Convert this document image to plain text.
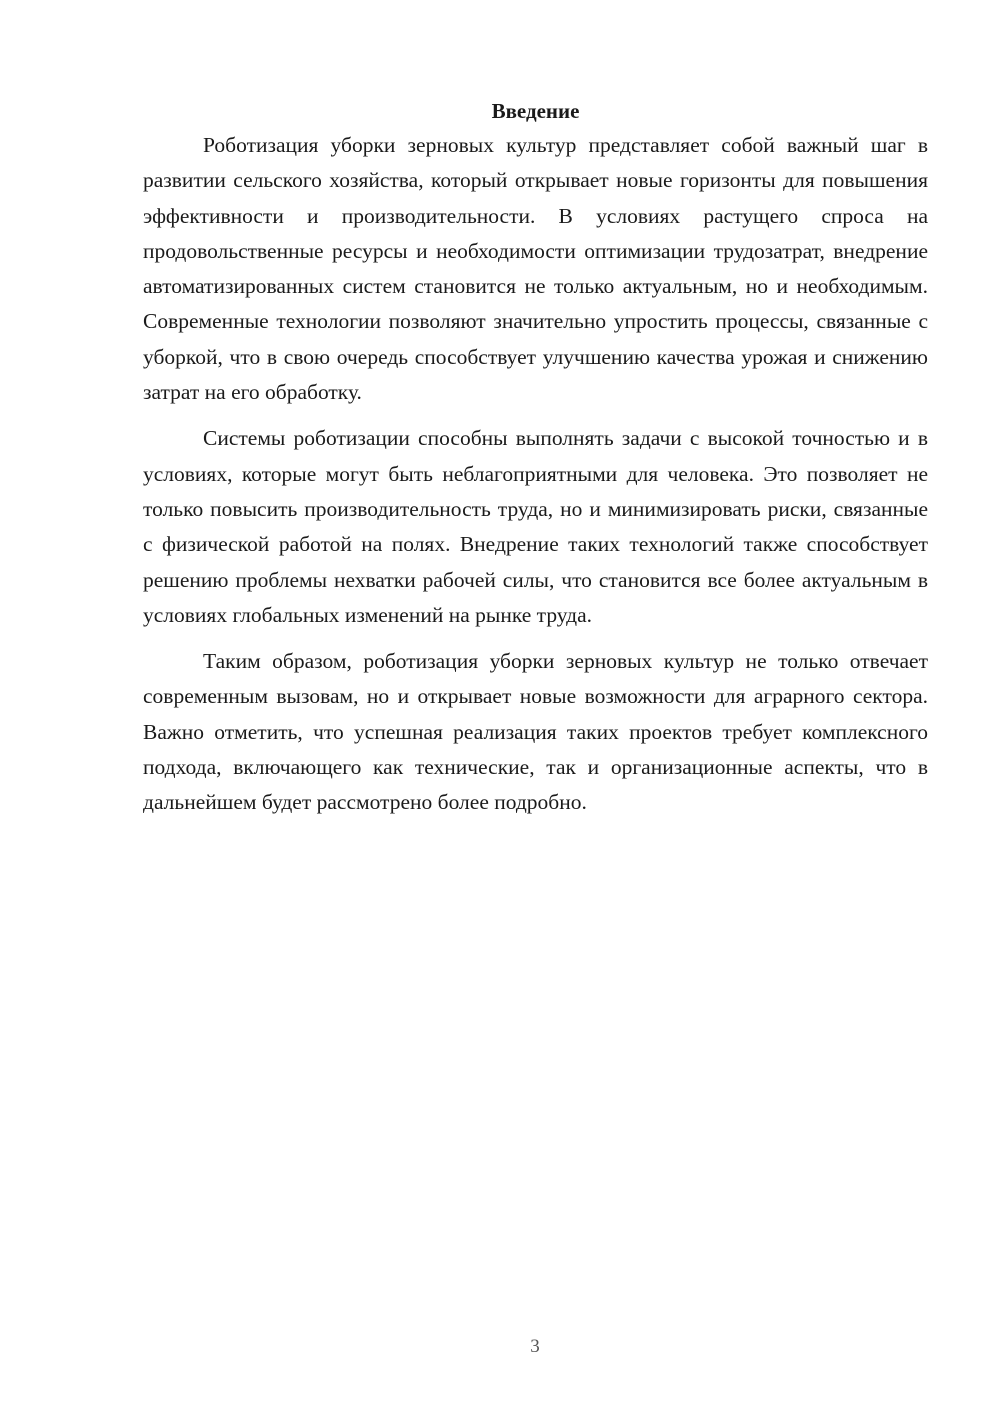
Введение

Роботизация уборки зерновых культур представляет собой важный шаг в развитии сельского хозяйства, который открывает новые горизонты для повышения эффективности и производительности. В условиях растущего спроса на продовольственные ресурсы и необходимости оптимизации трудозатрат, внедрение автоматизированных систем становится не только актуальным, но и необходимым. Современные технологии позволяют значительно упростить процессы, связанные с уборкой, что в свою очередь способствует улучшению качества урожая и снижению затрат на его обработку.

Системы роботизации способны выполнять задачи с высокой точностью и в условиях, которые могут быть неблагоприятными для человека. Это позволяет не только повысить производительность труда, но и минимизировать риски, связанные с физической работой на полях. Внедрение таких технологий также способствует решению проблемы нехватки рабочей силы, что становится все более актуальным в условиях глобальных изменений на рынке труда.

Таким образом, роботизация уборки зерновых культур не только отвечает современным вызовам, но и открывает новые возможности для аграрного сектора. Важно отметить, что успешная реализация таких проектов требует комплексного подхода, включающего как технические, так и организационные аспекты, что в дальнейшем будет рассмотрено более подробно.

3
